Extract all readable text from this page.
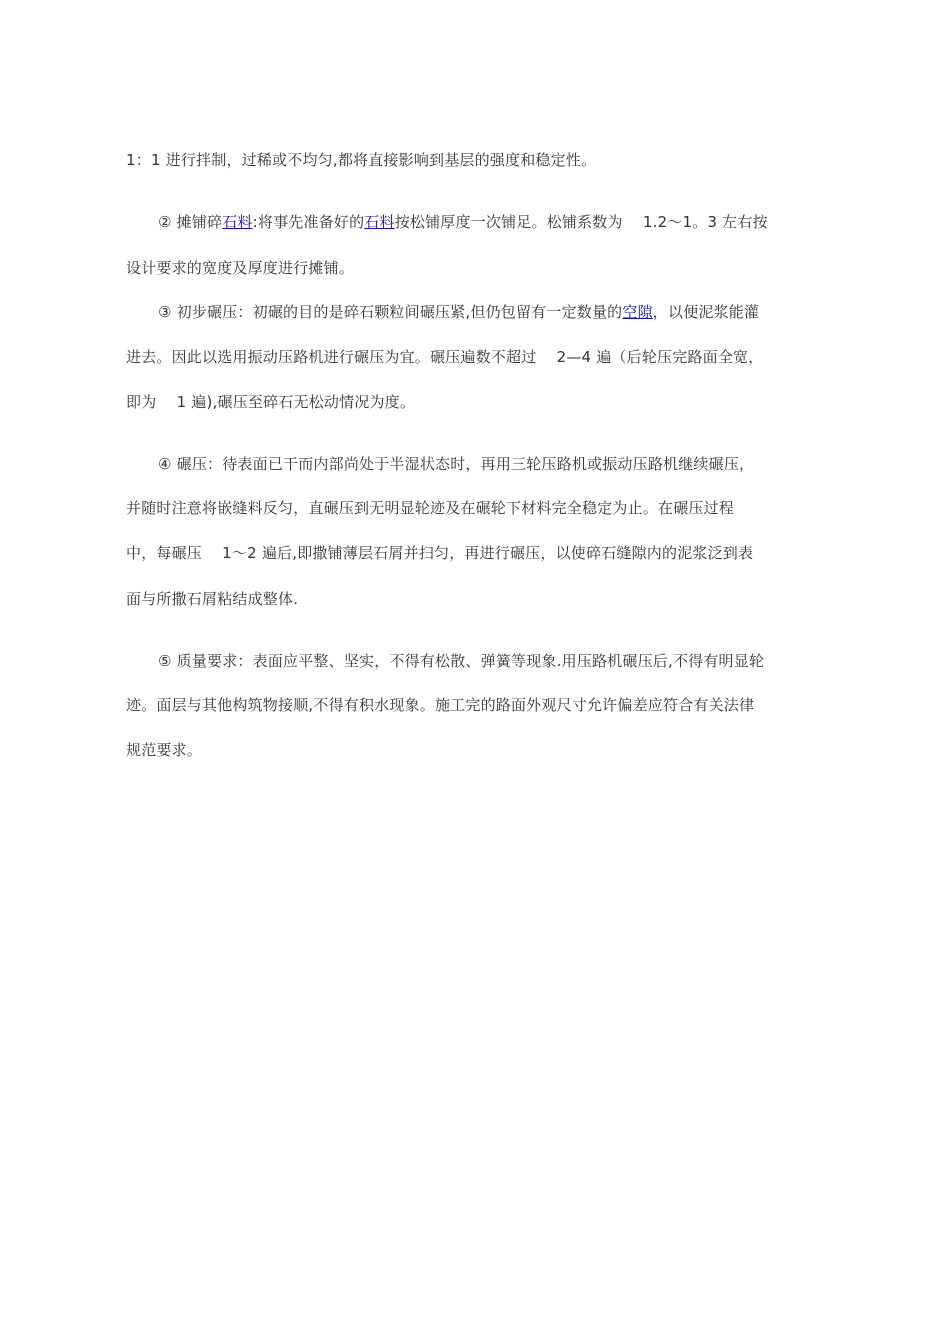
1：1 进行拌制，过稀或不均匀,都将直接影响到基层的强度和稳定性。
② 摊铺碎石料:将事先准备好的石料按松铺厚度一次铺足。松铺系数为 　1.2～1。3 左右按
设计要求的宽度及厚度进行摊铺。
③ 初步碾压：初碾的目的是碎石颗粒间碾压紧,但仍包留有一定数量的空隙，以便泥浆能灌
进去。因此以选用振动压路机进行碾压为宜。碾压遍数不超过 　2—4 遍（后轮压完路面全宽，
即为 　1 遍),碾压至碎石无松动情况为度。
④ 碾压：待表面已干而内部尚处于半湿状态时，再用三轮压路机或振动压路机继续碾压，
并随时注意将嵌缝料反匀，直碾压到无明显轮迹及在碾轮下材料完全稳定为止。在碾压过程
中，每碾压 　1～2 遍后,即撒铺薄层石屑并扫匀，再进行碾压，以使碎石缝隙内的泥浆泛到表
面与所撒石屑粘结成整体.
⑤ 质量要求：表面应平整、坚实，不得有松散、弹簧等现象.用压路机碾压后,不得有明显轮
迹。面层与其他构筑物接顺,不得有积水现象。施工完的路面外观尺寸允许偏差应符合有关法律
规范要求。
